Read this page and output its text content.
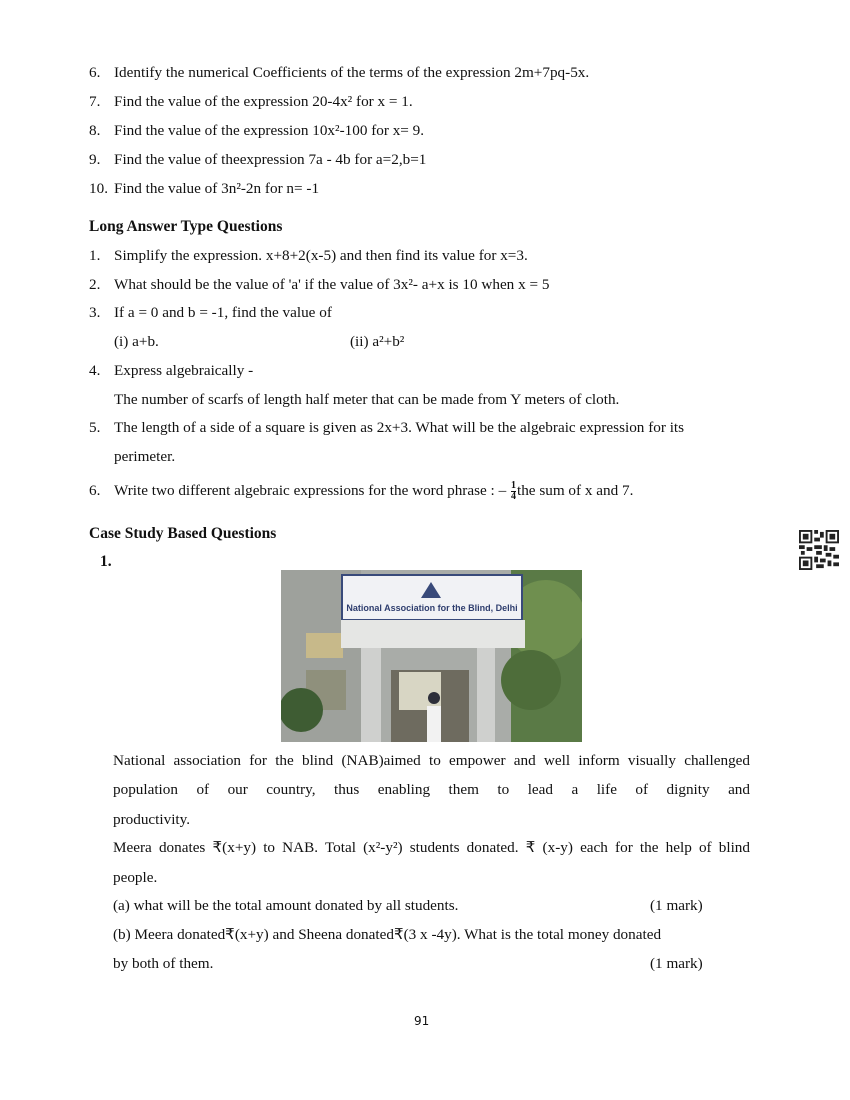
6. Identify the numerical Coefficients of the terms of the expression 2m+7pq-5x.
7. Find the value of the expression 20-4x² for x = 1.
8. Find the value of the expression 10x²-100 for x= 9.
9. Find the value of theexpression 7a - 4b for a=2,b=1
10. Find the value of 3n²-2n for n= -1
Long Answer Type Questions
1. Simplify the expression. x+8+2(x-5) and then find its value for x=3.
2. What should be the value of 'a' if the value of 3x²- a+x is 10 when x = 5
3. If a = 0 and b = -1, find the value of
(i) a+b.	(ii) a²+b²
4. Express algebraically -
The number of scarfs of length half meter that can be made from Y meters of cloth.
5. The length of a side of a square is given as 2x+3. What will be the algebraic expression for its
perimeter.
6. Write two different algebraic expressions for the word phrase : – $\frac{1}{4}$ the sum of x and 7.
Case Study Based Questions
1.
National Association for the Blind, Delhi
National association for the blind (NAB)aimed to empower and well inform visually challenged population of our country, thus enabling them to lead a life of dignity and
productivity.
Meera donates ₹(x+y) to NAB. Total (x²-y²) students donated. ₹ (x-y) each for the help of blind
people.
(a) what will be the total amount donated by all students.	(1 mark)
(b) Meera donated₹(x+y) and Sheena donated₹(3 x -4y). What is the total money donated
by both of them.	(1 mark)
91
